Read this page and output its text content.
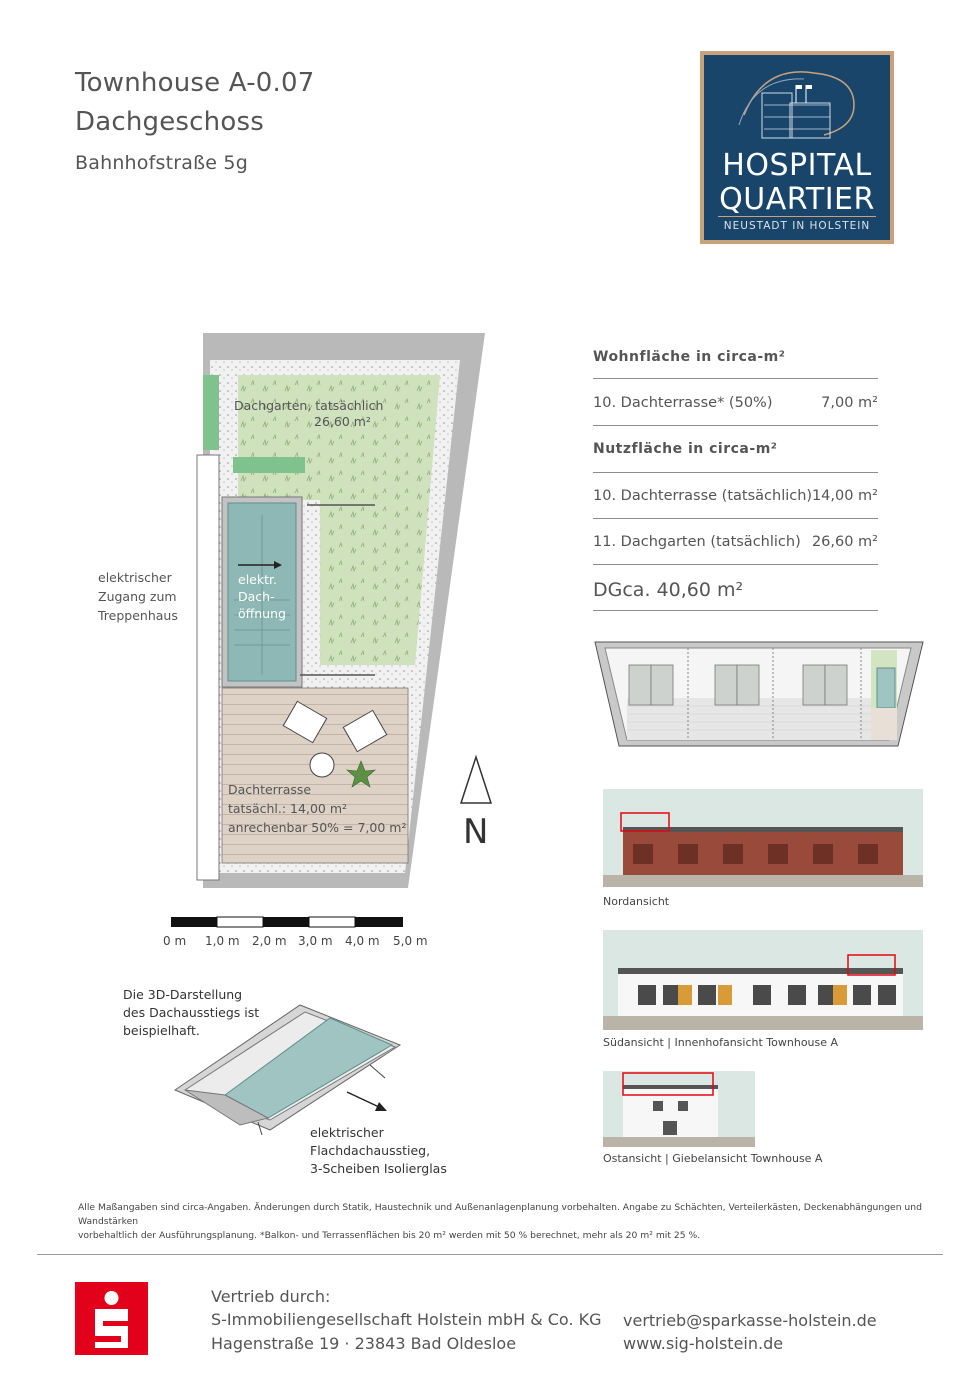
Townhouse A-0.07
Dachgeschoss
Bahnhofstraße 5g	HOSPITAL
QUARTIER
NEUSTADT IN HOLSTEIN
Dachgarten, tatsächlich
26,60 m²
elektr.
Dach-
öffnung
Dachterrasse
tatsächl.: 14,00 m²
anrechenbar 50% = 7,00 m²
elektrischer
Zugang zum
Treppenhaus
N
0 m 1,0 m 2,0 m 3,0 m 4,0 m 5,0 m
Die 3D-Darstellung
des Dachausstiegs ist
beispielhaft.
elektrischer
Flachdachausstieg,
3-Scheiben Isolierglas
Wohnfläche in circa-m²
10. Dachterrasse* (50%)	7,00 m²
Nutzfläche in circa-m²
10. Dachterrasse (tatsächlich) 14,00 m²
11. Dachgarten (tatsächlich) 26,60 m²
DGca. 40,60 m²
Nordansicht
Südansicht | Innenhofansicht Townhouse A
Ostansicht | Giebelansicht Townhouse A
Alle Maßangaben sind circa-Angaben. Änderungen durch Statik, Haustechnik und Außenanlagenplanung vorbehalten. Angabe zu Schächten, Verteilerkästen, Deckenabhängungen und Wandstärken
vorbehaltlich der Ausführungsplanung. *Balkon- und Terrassenflächen bis 20 m² werden mit 50 % berechnet, mehr als 20 m² mit 25 %.
Vertrieb durch:
S-Immobiliengesellschaft Holstein mbH & Co. KG
Hagenstraße 19 · 23843 Bad Oldesloe
vertrieb@sparkasse-holstein.de
www.sig-holstein.de
